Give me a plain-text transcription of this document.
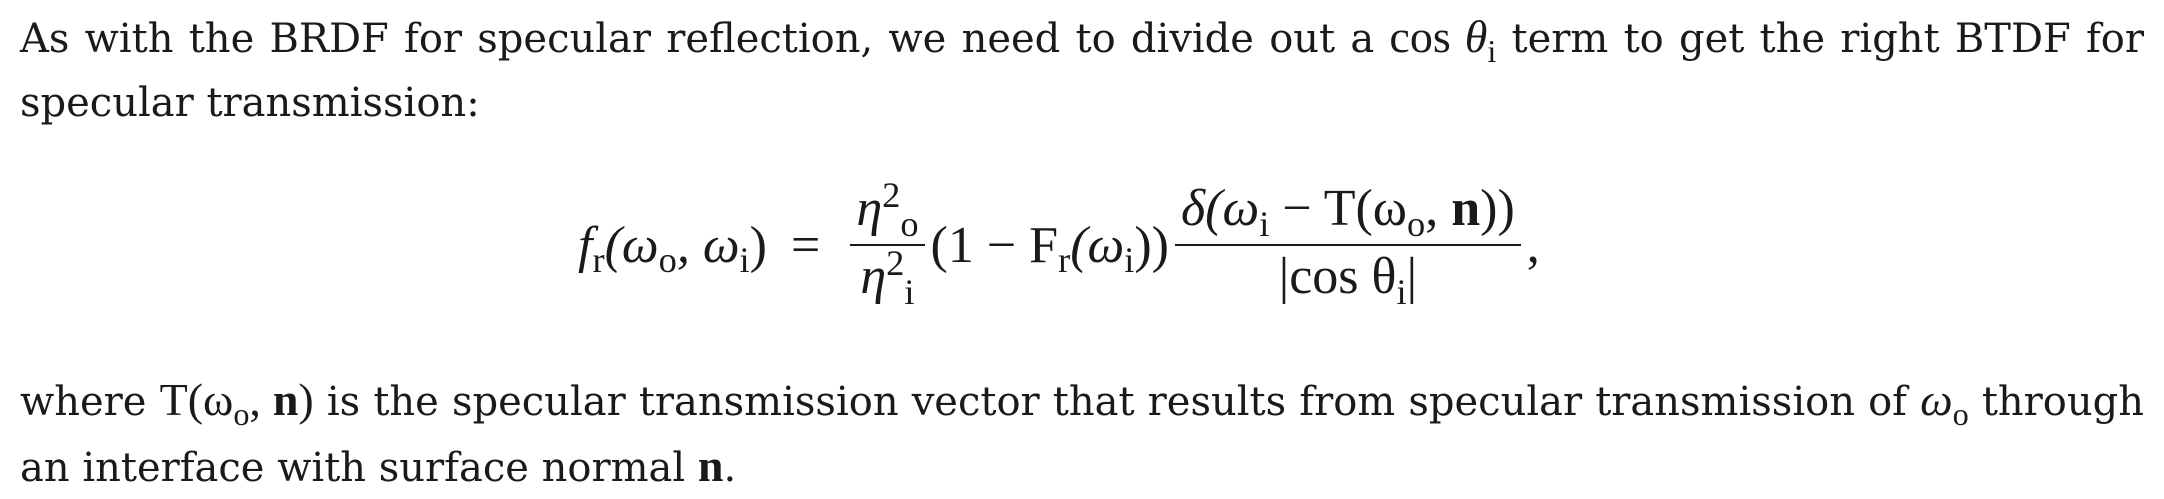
As with the BRDF for specular reflection, we need to divide out a $\cos \theta_i$ term to get the right BTDF for specular transmission:
$f_r(\omega_o$, $\omega_i) = \frac{\eta^2_o}{\eta^2_i} (1 - F_r(\omega_i)) \frac{\delta(\omega_i - T(\omega_o, n))}{|\cos \theta_i|}$ ,
where $T(\omega_o$, n) is the specular transmission vector that results from specular transmission of $\omega_o$ through an interface with surface normal n.
